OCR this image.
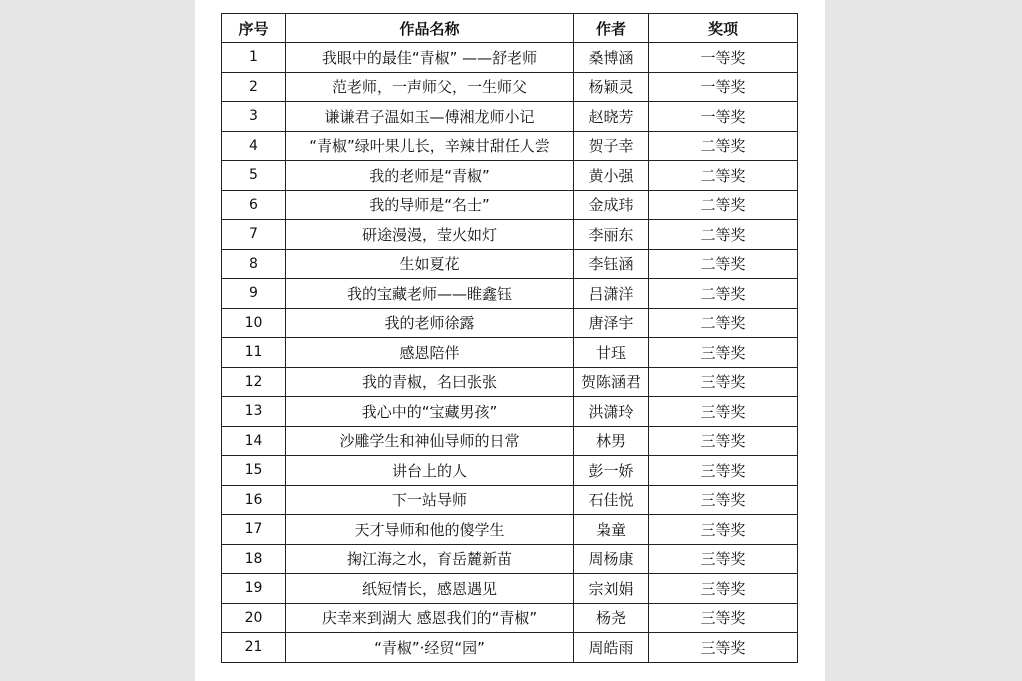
序号	作品名称	作者	奖项
1	我眼中的最佳“青椒” ——舒老师	桑博涵	一等奖
2	范老师，一声师父，一生师父	杨颖灵	一等奖
3	谦谦君子温如玉—傅湘龙师小记	赵晓芳	一等奖
4	“青椒”绿叶果儿长，辛辣甘甜任人尝	贺子幸	二等奖
5	我的老师是“青椒”	黄小强	二等奖
6	我的导师是“名士”	金成玮	二等奖
7	研途漫漫，莹火如灯	李丽东	二等奖
8	生如夏花	李钰涵	二等奖
9	我的宝藏老师——睢鑫钰	吕潇洋	二等奖
10	我的老师徐露	唐泽宇	二等奖
11	感恩陪伴	甘珏	三等奖
12	我的青椒，名曰张张	贺陈涵君	三等奖
13	我心中的“宝藏男孩”	洪潇玲	三等奖
14	沙雕学生和神仙导师的日常	林男	三等奖
15	讲台上的人	彭一娇	三等奖
16	下一站导师	石佳悦	三等奖
17	天才导师和他的傻学生	枭童	三等奖
18	掬江海之水，育岳麓新苗	周杨康	三等奖
19	纸短情长，感恩遇见	宗刘娟	三等奖
20	庆幸来到湖大 感恩我们的“青椒”	杨尧	三等奖
21	“青椒”·经贸“园”	周皓雨	三等奖
